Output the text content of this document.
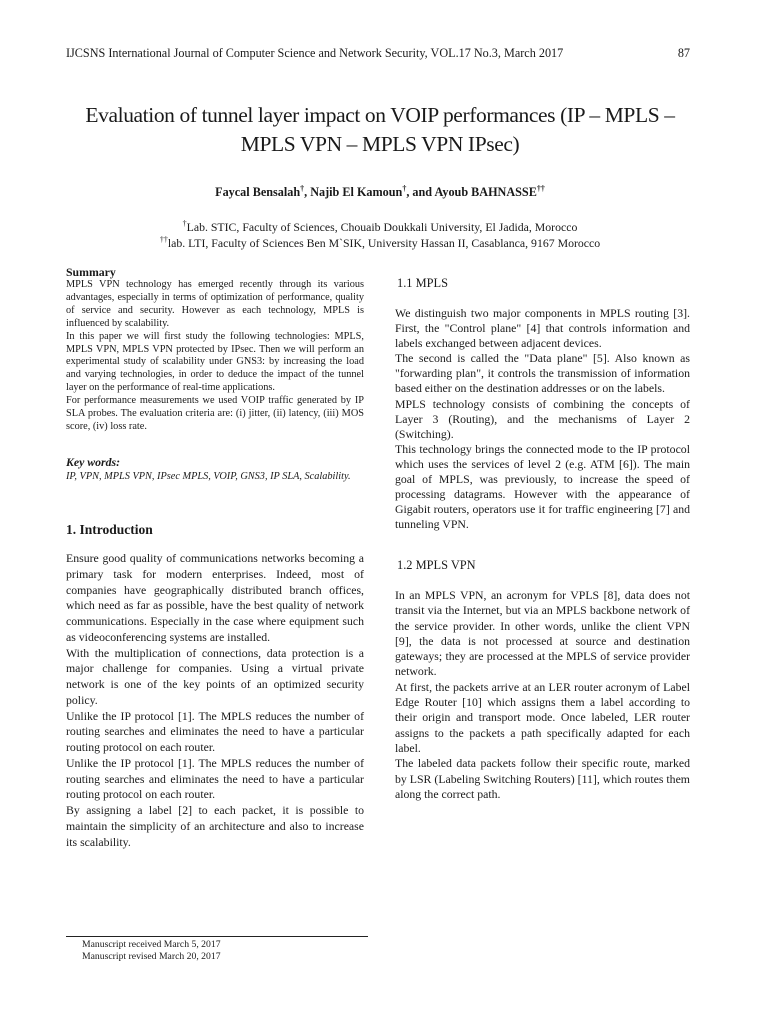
IJCSNS International Journal of Computer Science and Network Security, VOL.17 No.3, March 2017	87
Evaluation of tunnel layer impact on VOIP performances (IP – MPLS – MPLS VPN – MPLS VPN IPsec)
Faycal Bensalah†, Najib El Kamoun†, and Ayoub BAHNASSE††
†Lab. STIC, Faculty of Sciences, Chouaib Doukkali University, El Jadida, Morocco
††lab. LTI, Faculty of Sciences Ben M`SIK, University Hassan II, Casablanca, 9167 Morocco
Summary

MPLS VPN technology has emerged recently through its various advantages, especially in terms of optimization of performance, quality of service and security. However as each technology, MPLS is influenced by scalability.

In this paper we will first study the following technologies: MPLS, MPLS VPN, MPLS VPN protected by IPsec. Then we will perform an experimental study of scalability under GNS3: by increasing the load and varying technologies, in order to deduce the impact of the tunnel layer on the performance of real-time applications.

For performance measurements we used VOIP traffic generated by IP SLA probes. The evaluation criteria are: (i) jitter, (ii) latency, (iii) MOS score, (iv) loss rate.

Key words:
IP, VPN, MPLS VPN, IPsec MPLS, VOIP, GNS3, IP SLA, Scalability.
1. Introduction

Ensure good quality of communications networks becoming a primary task for modern enterprises. Indeed, most of companies have geographically distributed branch offices, which need as far as possible, have the best quality of network communications. Especially in the case where equipment such as videoconferencing systems are installed.

With the multiplication of connections, data protection is a major challenge for companies. Using a virtual private network is one of the key points of an optimized security policy.

Unlike the IP protocol [1]. The MPLS reduces the number of routing searches and eliminates the need to have a particular routing protocol on each router.

Unlike the IP protocol [1]. The MPLS reduces the number of routing searches and eliminates the need to have a particular routing protocol on each router.

By assigning a label [2] to each packet, it is possible to maintain the simplicity of an architecture and also to increase its scalability.

1.1 MPLS

We distinguish two major components in MPLS routing [3]. First, the "Control plane" [4] that controls information and labels exchanged between adjacent devices.

The second is called the "Data plane" [5]. Also known as "forwarding plan", it controls the transmission of information based either on the destination addresses or on the labels.

MPLS technology consists of combining the concepts of Layer 3 (Routing), and the mechanisms of Layer 2 (Switching).

This technology brings the connected mode to the IP protocol which uses the services of level 2 (e.g. ATM [6]). The main goal of MPLS, was previously, to increase the speed of processing datagrams. However with the appearance of Gigabit routers, operators use it for traffic engineering [7] and tunneling VPN.

1.2 MPLS VPN

In an MPLS VPN, an acronym for VPLS [8], data does not transit via the Internet, but via an MPLS backbone network of the service provider. In other words, unlike the client VPN [9], the data is not processed at source and destination gateways; they are processed at the MPLS of service provider network.

At first, the packets arrive at an LER router acronym of Label Edge Router [10] which assigns them a label according to their origin and transport mode. Once labeled, LER router assigns to the packets a path specifically adapted for each label.

The labeled data packets follow their specific route, marked by LSR (Labeling Switching Routers) [11], which routes them along the correct path.

Manuscript received March 5, 2017
Manuscript revised March 20, 2017
